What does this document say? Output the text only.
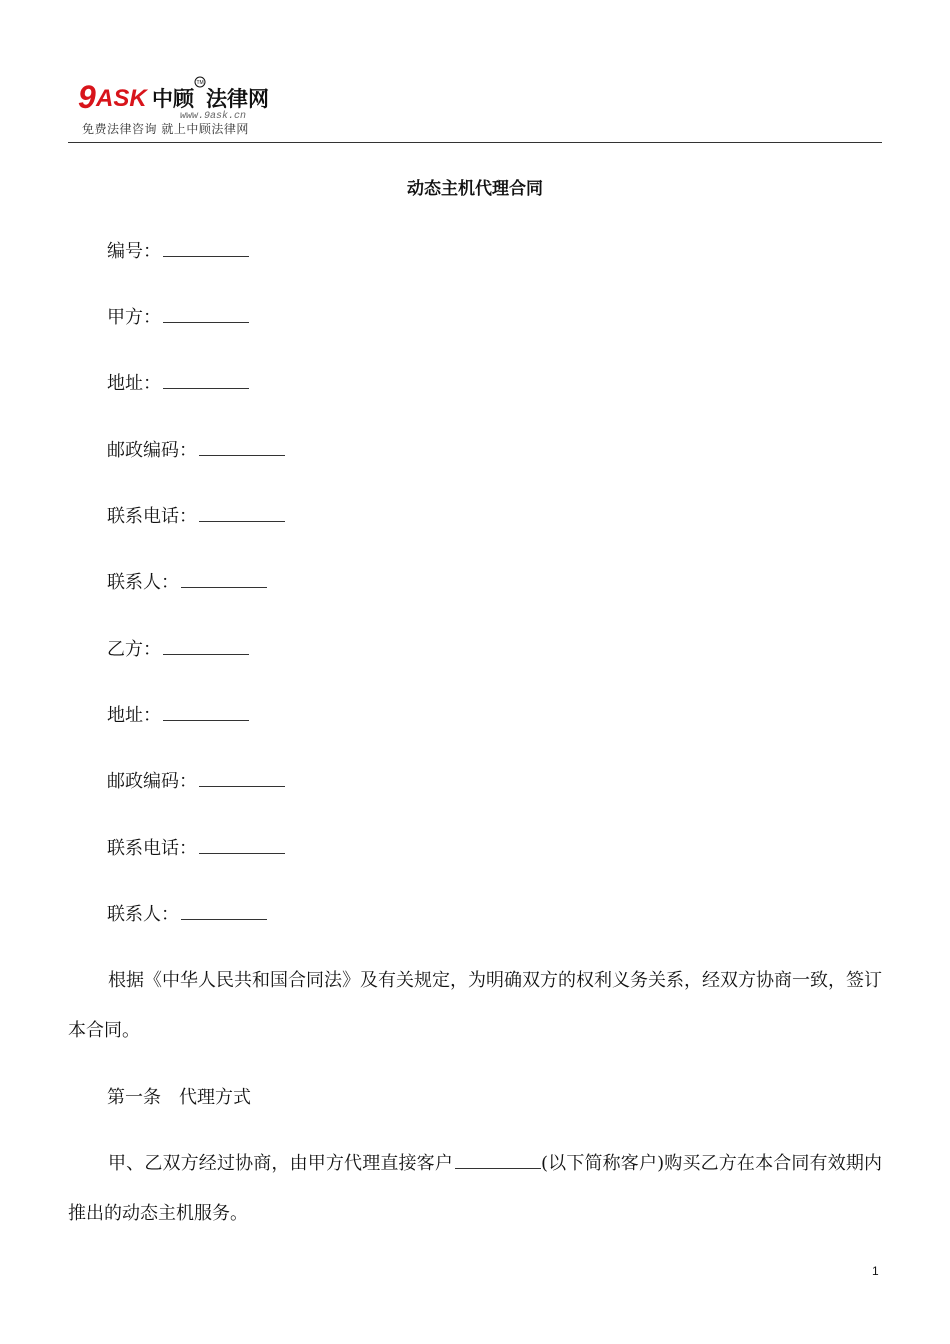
9 ASK 中顾 法律网
TM
www.9ask.cn
免费法律咨询 就上中顾法律网
动态主机代理合同
编号：
甲方：
地址：
邮政编码：
联系电话：
联系人：
乙方：
地址：
邮政编码：
联系电话：
联系人：
根据《中华人民共和国合同法》及有关规定，为明确双方的权利义务关系，经双方协商一致，签订本合同。
第一条　代理方式
甲、乙双方经过协商，由甲方代理直接客户	(以下简称客户)购买乙方在本合同有效期内推出的动态主机服务。
1
